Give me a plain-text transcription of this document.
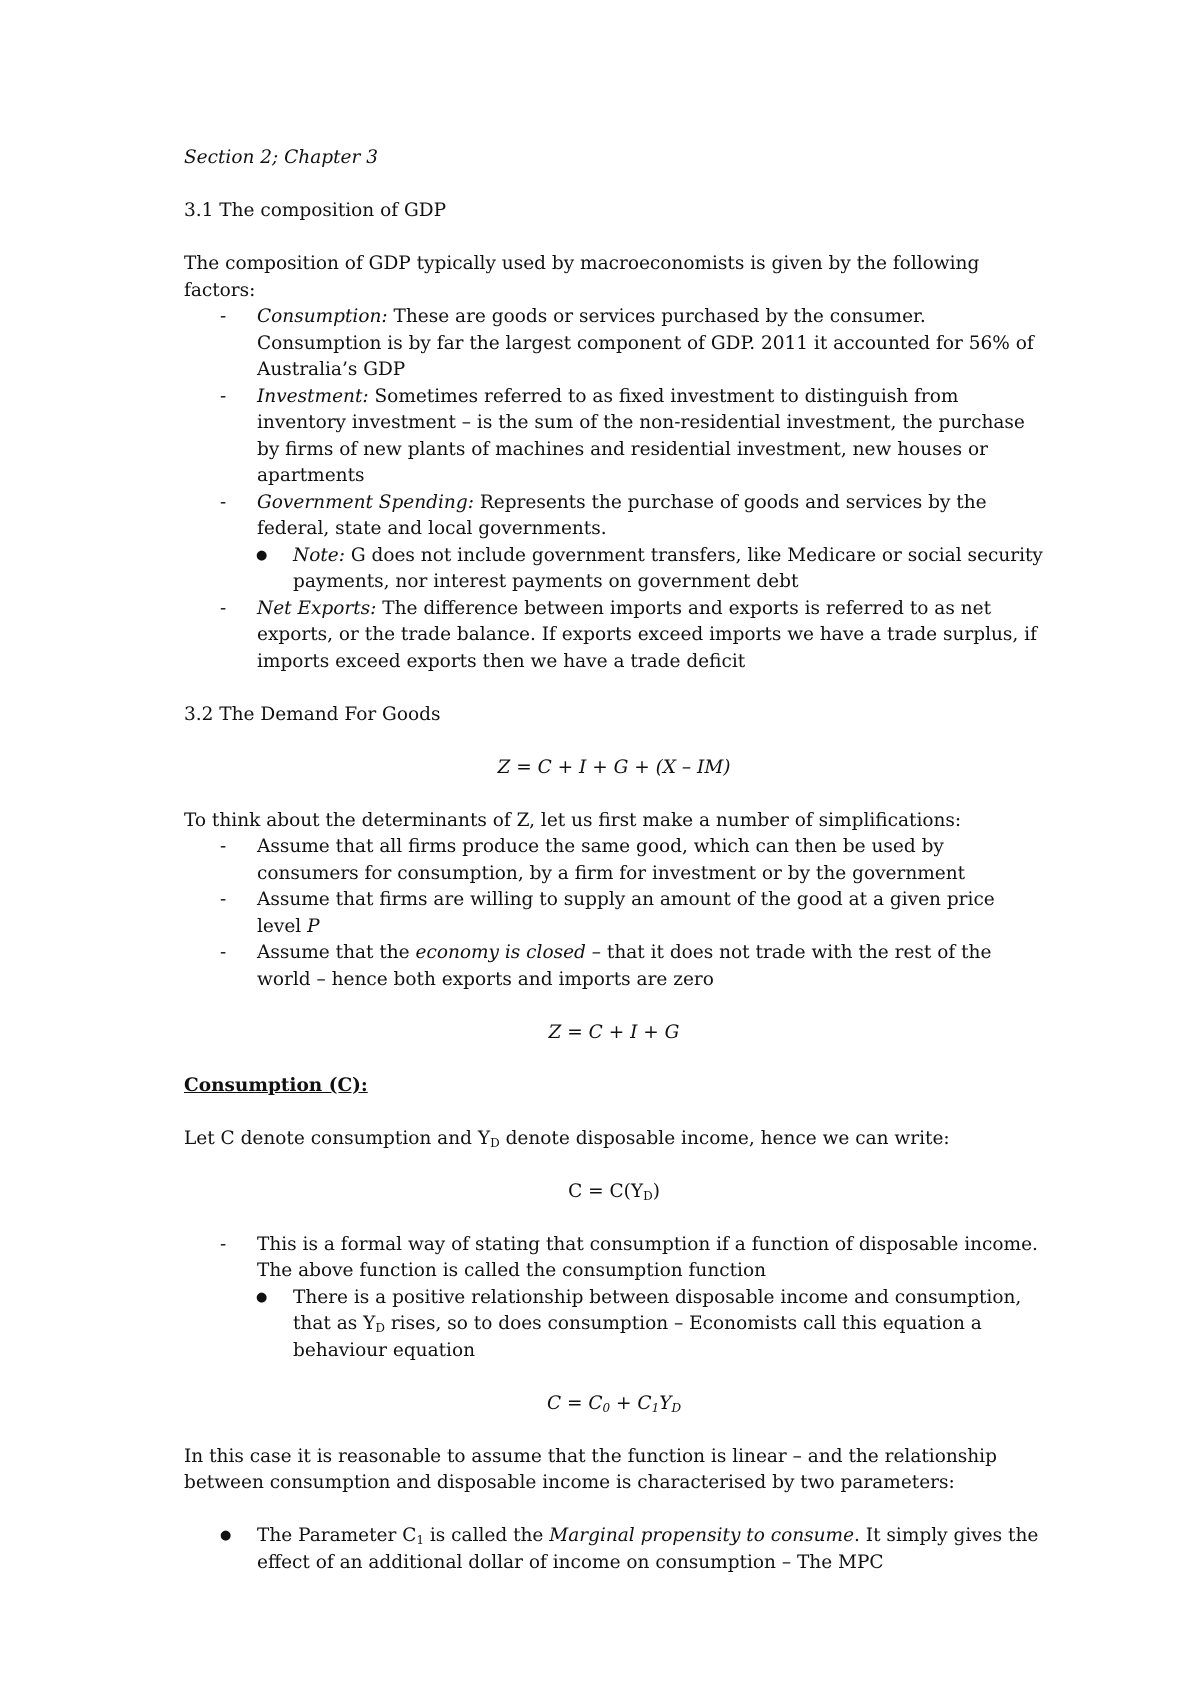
Section 2; Chapter 3

3.1 The composition of GDP

The composition of GDP typically used by macroeconomists is given by the following factors:

- Consumption: These are goods or services purchased by the consumer. Consumption is by far the largest component of GDP. 2011 it accounted for 56% of Australia’s GDP
- Investment: Sometimes referred to as fixed investment to distinguish from inventory investment – is the sum of the non-residential investment, the purchase by firms of new plants of machines and residential investment, new houses or apartments
- Government Spending: Represents the purchase of goods and services by the federal, state and local governments.
● Note: G does not include government transfers, like Medicare or social security payments, nor interest payments on government debt
- Net Exports: The difference between imports and exports is referred to as net exports, or the trade balance. If exports exceed imports we have a trade surplus, if imports exceed exports then we have a trade deficit

3.2 The Demand For Goods

Z = C + I + G + (X – IM)

To think about the determinants of Z, let us first make a number of simplifications:

- Assume that all firms produce the same good, which can then be used by consumers for consumption, by a firm for investment or by the government
- Assume that firms are willing to supply an amount of the good at a given price level P
- Assume that the economy is closed – that it does not trade with the rest of the world – hence both exports and imports are zero

Z = C + I + G

Consumption (C):

Let C denote consumption and $Y_D$ denote disposable income, hence we can write:

$C = C(Y_D)$

- This is a formal way of stating that consumption if a function of disposable income. The above function is called the consumption function
● There is a positive relationship between disposable income and consumption, that as $Y_D$ rises, so to does consumption – Economists call this equation a behaviour equation

$C = C_0 + C_1Y_D$

In this case it is reasonable to assume that the function is linear – and the relationship between consumption and disposable income is characterised by two parameters:

● The Parameter $C_1$ is called the Marginal propensity to consume. It simply gives the effect of an additional dollar of income on consumption – The MPC
